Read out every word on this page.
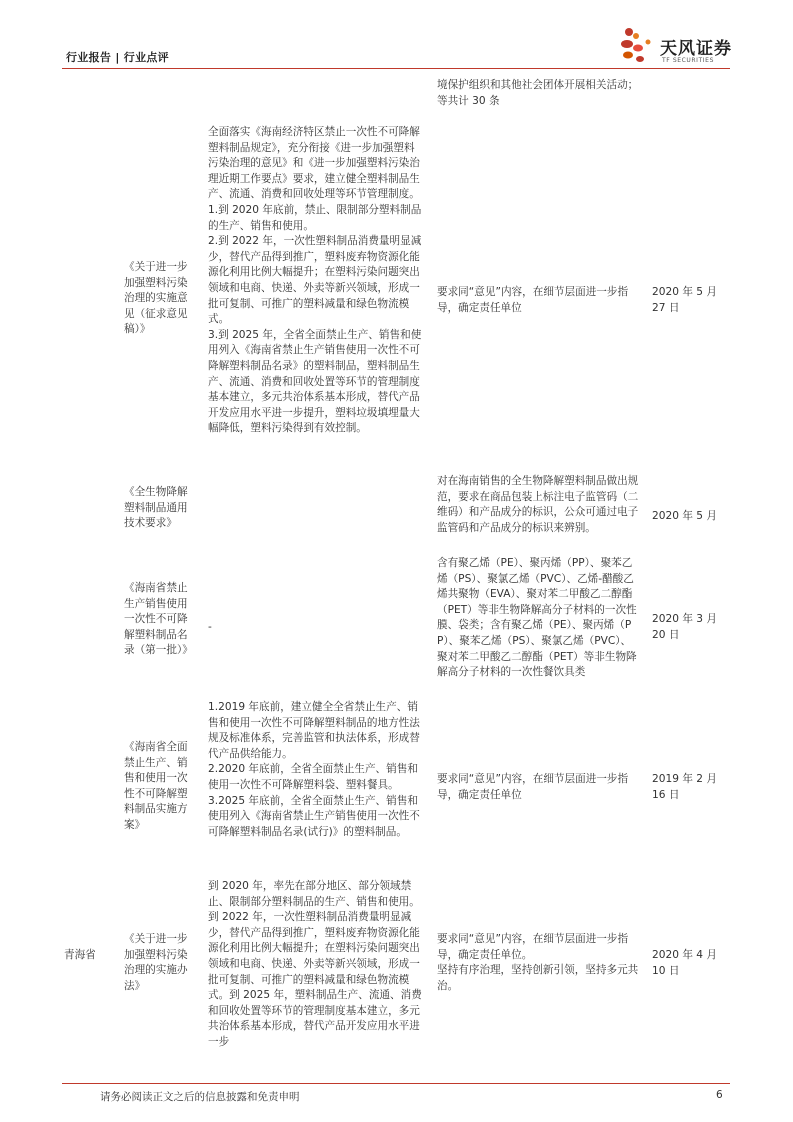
行业报告 | 行业点评	天风证券
TF SECURITIES
境保护组织和其他社会团体开展相关活动；
等共计 30 条
《关于进一步加强塑料污染治理的实施意见（征求意见稿）》
全面落实《海南经济特区禁止一次性不可降解塑料制品规定》，充分衔接《进一步加强塑料污染治理的意见》和《进一步加强塑料污染治理近期工作要点》要求，建立健全塑料制品生产、流通、消费和回收处理等环节管理制度。
1.到 2020 年底前，禁止、限制部分塑料制品的生产、销售和使用。
2.到 2022 年，一次性塑料制品消费量明显减少，替代产品得到推广，塑料废弃物资源化能源化利用比例大幅提升；在塑料污染问题突出领域和电商、快递、外卖等新兴领域，形成一批可复制、可推广的塑料减量和绿色物流模式。
3.到 2025 年，全省全面禁止生产、销售和使用列入《海南省禁止生产销售使用一次性不可降解塑料制品名录》的塑料制品，塑料制品生产、流通、消费和回收处置等环节的管理制度基本建立，多元共治体系基本形成，替代产品开发应用水平进一步提升，塑料垃圾填埋量大幅降低，塑料污染得到有效控制。
要求同“意见”内容，在细节层面进一步指导，确定责任单位
2020 年 5 月 27 日
《全生物降解塑料制品通用技术要求》
对在海南销售的全生物降解塑料制品做出规范，要求在商品包装上标注电子监管码（二维码）和产品成分的标识，公众可通过电子监管码和产品成分的标识来辨别。
2020 年 5 月
《海南省禁止生产销售使用一次性不可降解塑料制品名录（第一批）》
-
含有聚乙烯（PE）、聚丙烯（PP）、聚苯乙烯（PS）、聚氯乙烯（PVC）、乙烯-醋酸乙烯共聚物（EVA）、聚对苯二甲酸乙二醇酯（PET）等非生物降解高分子材料的一次性膜、袋类；含有聚乙烯（PE）、聚丙烯（PP）、聚苯乙烯（PS）、聚氯乙烯（PVC）、聚对苯二甲酸乙二醇酯（PET）等非生物降解高分子材料的一次性餐饮具类
2020 年 3 月 20 日
《海南省全面禁止生产、销售和使用一次性不可降解塑料制品实施方案》
1.2019 年底前，建立健全全省禁止生产、销售和使用一次性不可降解塑料制品的地方性法规及标准体系，完善监管和执法体系，形成替代产品供给能力。
2.2020 年底前，全省全面禁止生产、销售和使用一次性不可降解塑料袋、塑料餐具。
3.2025 年底前，全省全面禁止生产、销售和使用列入《海南省禁止生产销售使用一次性不可降解塑料制品名录(试行)》的塑料制品。
要求同“意见”内容，在细节层面进一步指导，确定责任单位
2019 年 2 月 16 日
青海省
《关于进一步加强塑料污染治理的实施办法》
到 2020 年，率先在部分地区、部分领域禁止、限制部分塑料制品的生产、销售和使用。到 2022 年，一次性塑料制品消费量明显减少，替代产品得到推广，塑料废弃物资源化能源化利用比例大幅提升；在塑料污染问题突出领域和电商、快递、外卖等新兴领域，形成一批可复制、可推广的塑料减量和绿色物流模式。到 2025 年，塑料制品生产、流通、消费和回收处置等环节的管理制度基本建立，多元共治体系基本形成，替代产品开发应用水平进一步
要求同“意见”内容，在细节层面进一步指导，确定责任单位。
坚持有序治理，坚持创新引领，坚持多元共治。
2020 年 4 月 10 日
请务必阅读正文之后的信息披露和免责申明	6
